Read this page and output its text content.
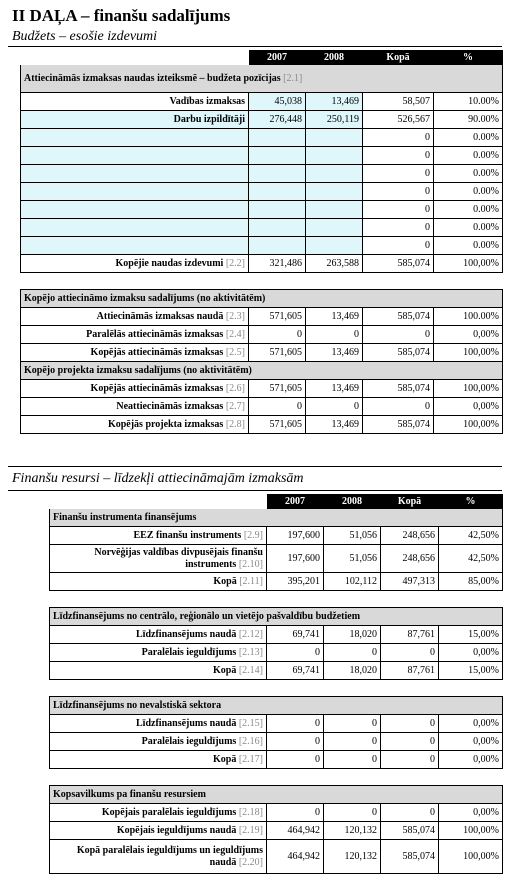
II DAĻA – finanšu sadalījums
Budžets – esošie izdevumi
	2007	2008	Kopā	%
Attiecināmās izmaksas naudas izteiksmē – budžeta pozīcijas [2.1]				
Vadības izmaksas	45,038	13,469	58,507	10.00%
Darbu izpildītāji	276,448	250,119	526,567	90.00%
			0	0.00%
			0	0.00%
			0	0.00%
			0	0.00%
			0	0.00%
			0	0.00%
			0	0.00%
Kopējie naudas izdevumi [2.2]	321,486	263,588	585,074	100,00%

Kopējo attiecināmo izmaksu sadalījums (no aktivitātēm)				
Attiecināmās izmaksas naudā [2.3]	571,605	13,469	585,074	100.00%
Paralēlās attiecināmās izmaksas [2.4]	0	0	0	0,00%
Kopējās attiecināmās izmaksas [2.5]	571,605	13,469	585,074	100,00%
Kopējo projekta izmaksu sadalījums (no aktivitātēm)				
Kopējās attiecināmās izmaksas [2.6]	571,605	13,469	585,074	100,00%
Neattiecināmās izmaksas [2.7]	0	0	0	0,00%
Kopējās projekta izmaksas [2.8]	571,605	13,469	585,074	100,00%
Finanšu resursi – līdzekļi attiecināmajām izmaksām
	2007	2008	Kopā	%
Finanšu instrumenta finansējums				
EEZ finanšu instruments [2.9]	197,600	51,056	248,656	42,50%
Norvēģijas valdības divpusējais finanšu instruments [2.10]	197,600	51,056	248,656	42,50%
Kopā [2.11]	395,201	102,112	497,313	85,00%

Līdzfinansējums no centrālo, reģionālo un vietējo pašvaldību budžetiem				
Līdzfinansējums naudā [2.12]	69,741	18,020	87,761	15,00%
Paralēlais ieguldījums [2.13]	0	0	0	0,00%
Kopā [2.14]	69,741	18,020	87,761	15,00%

Līdzfinansējums no nevalstiskā sektora				
Līdzfinansējums naudā [2.15]	0	0	0	0,00%
Paralēlais ieguldījums [2.16]	0	0	0	0,00%
Kopā [2.17]	0	0	0	0,00%

Kopsavilkums pa finanšu resursiem				
Kopējais paralēlais ieguldījums [2.18]	0	0	0	0,00%
Kopējais ieguldījums naudā [2.19]	464,942	120,132	585,074	100,00%
Kopā paralēlais ieguldījums un ieguldījums naudā [2.20]	464,942	120,132	585,074	100,00%
